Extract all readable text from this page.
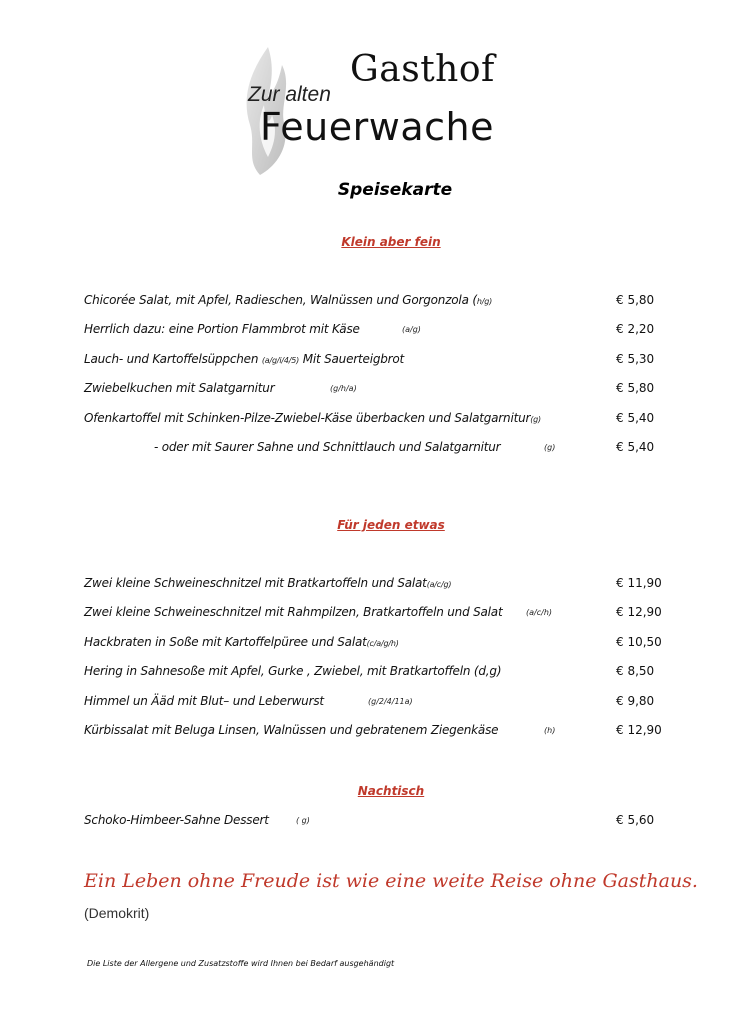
Zur alten
Gasthof
Feuerwache
Speisekarte
Klein aber fein
Chicorée Salat, mit Apfel, Radieschen, Walnüssen und Gorgonzola (h/g)	€ 5,80
Herrlich dazu: eine Portion Flammbrot mit Käse	(a/g)	€ 2,20
Lauch- und Kartoffelsüppchen (a/g/i/4/5) Mit Sauerteigbrot	€ 5,30
Zwiebelkuchen mit Salatgarnitur	(g/h/a)	€ 5,80
Ofenkartoffel mit Schinken-Pilze-Zwiebel-Käse überbacken und Salatgarnitur(g)	€ 5,40
- oder mit Saurer Sahne und Schnittlauch und Salatgarnitur	(g)	€ 5,40
Für jeden etwas
Zwei kleine Schweineschnitzel mit Bratkartoffeln und Salat(a/c/g)	€ 11,90
Zwei kleine Schweineschnitzel mit Rahmpilzen, Bratkartoffeln und Salat	(a/c/h)	€ 12,90
Hackbraten in Soße mit Kartoffelpüree und Salat(c/a/g/h)	€ 10,50
Hering in Sahnesoße mit Apfel, Gurke , Zwiebel, mit Bratkartoffeln (d,g)	€ 8,50
Himmel un Ääd mit Blut– und Leberwurst	(g/2/4/11a)	€ 9,80
Kürbissalat mit Beluga Linsen, Walnüssen und gebratenem Ziegenkäse	(h)	€ 12,90
Nachtisch
Schoko-Himbeer-Sahne Dessert	( g)	€ 5,60
Ein Leben ohne Freude ist wie eine weite Reise ohne Gasthaus.
(Demokrit)
Die Liste der Allergene und Zusatzstoffe wird Ihnen bei Bedarf ausgehändigt
